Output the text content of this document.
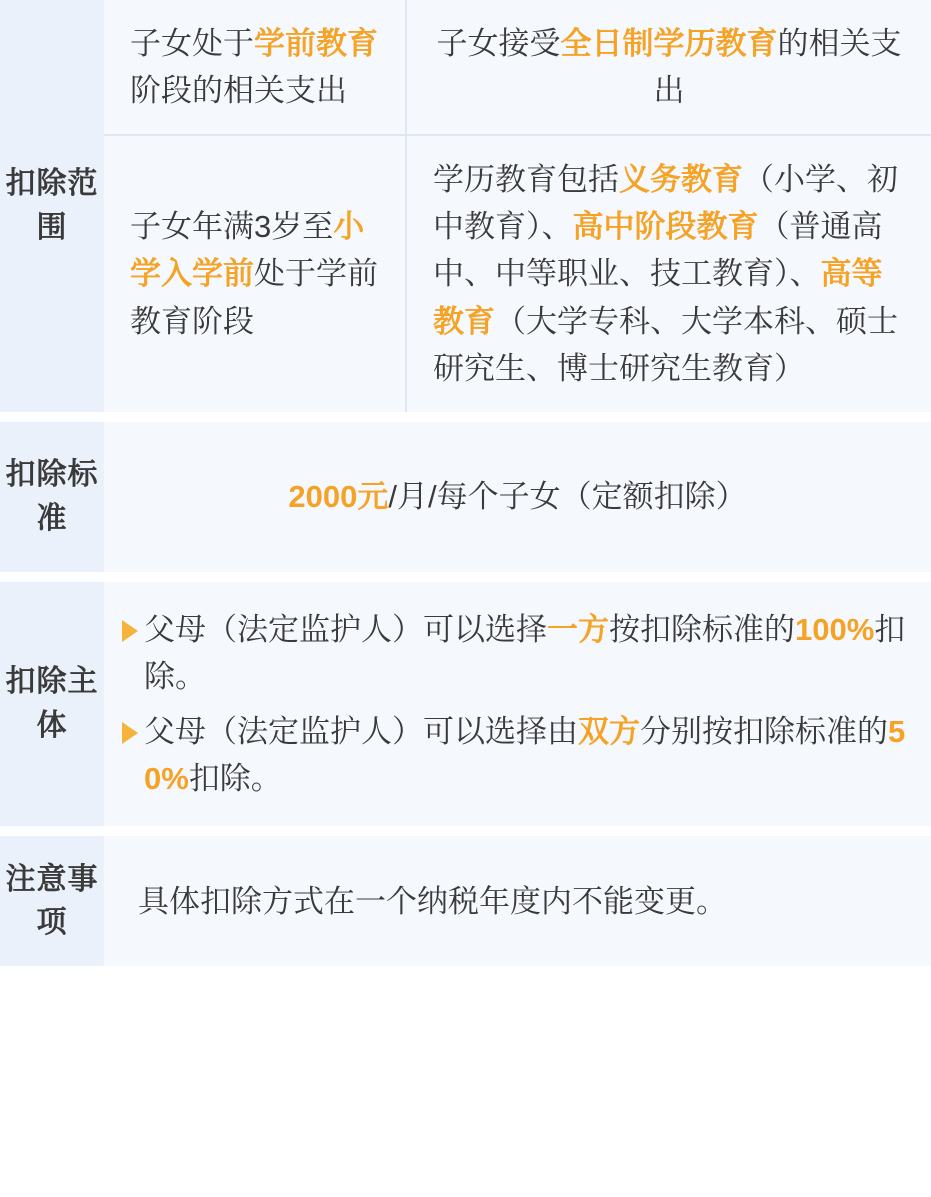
扣除范围
子女处于学前教育阶段的相关支出
子女接受全日制学历教育的相关支出
子女年满3岁至小学入学前处于学前教育阶段
学历教育包括义务教育（小学、初中教育）、高中阶段教育（普通高中、中等职业、技工教育）、高等教育（大学专科、大学本科、硕士研究生、博士研究生教育）
扣除标准
2000元/月/每个子女（定额扣除）
扣除主体
父母（法定监护人）可以选择一方按扣除标准的100%扣除。
父母（法定监护人）可以选择由双方分别按扣除标准的50%扣除。
注意事项
具体扣除方式在一个纳税年度内不能变更。
